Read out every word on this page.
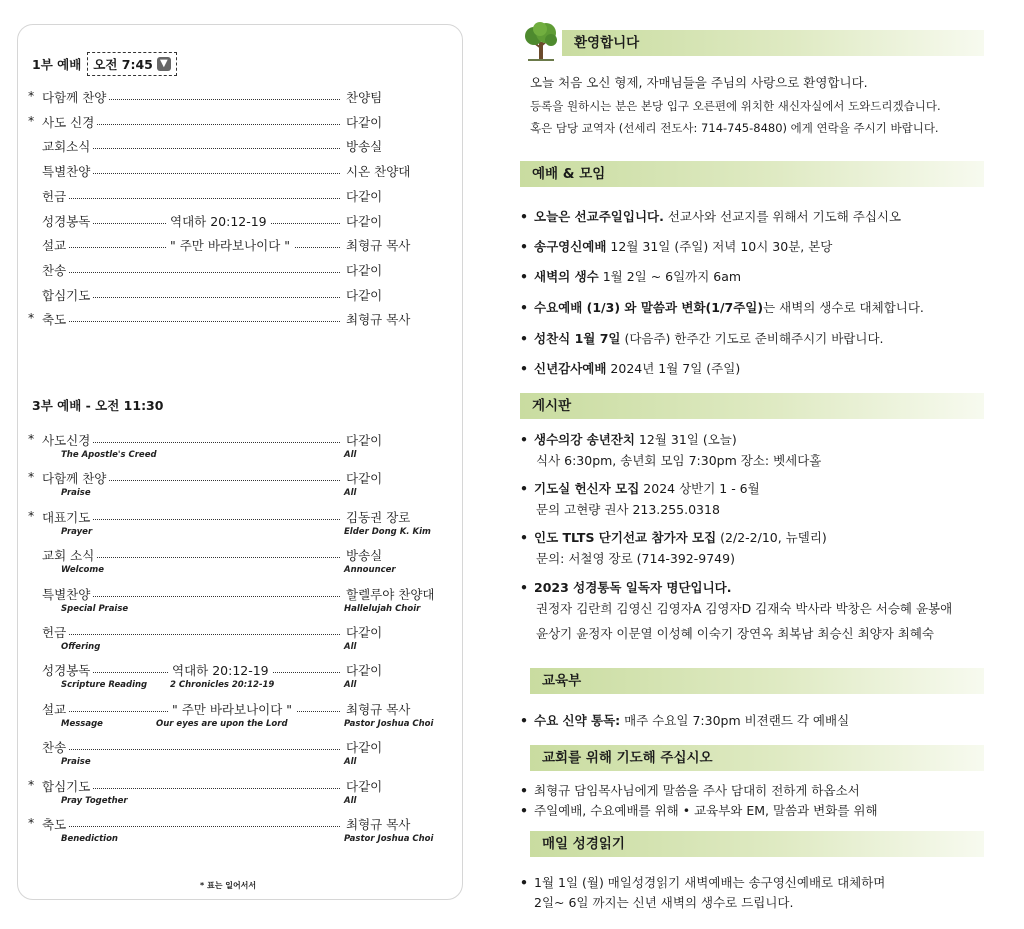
1부 예배 오전 7:45 ▼
* 다함께 찬양	찬양팀
* 사도 신경	다같이
교회소식	방송실
특별찬양	시온 찬양대
헌금	다같이
성경봉독	역대하 20:12-19	다같이
설교	" 주만 바라보나이다 "	최형규 목사
찬송	다같이
합심기도	다같이
* 축도	최형규 목사
3부 예배 - 오전 11:30
* 사도신경	다같이
The Apostle's Creed	All
* 다함께 찬양	다같이
Praise	All
* 대표기도	김동권 장로
Prayer	Elder Dong K. Kim
교회 소식	방송실
Welcome	Announcer
특별찬양	할렐루야 찬양대
Special Praise	Hallelujah Choir
헌금	다같이
Offering	All
성경봉독	역대하 20:12-19	다같이
Scripture Reading	2 Chronicles 20:12-19	All
설교	" 주만 바라보나이다 "	최형규 목사
Message	Our eyes are upon the Lord	Pastor Joshua Choi
찬송	다같이
Praise	All
* 합심기도	다같이
Pray Together	All
* 축도	최형규 목사
Benediction	Pastor Joshua Choi
* 표는 일어서서
환영합니다
오늘 처음 오신 형제, 자매님들을 주님의 사랑으로 환영합니다.
등록을 원하시는 분은 본당 입구 오른편에 위치한 새신자실에서 도와드리겠습니다.
혹은 담당 교역자 (선세리 전도사: 714-745-8480) 에게 연락을 주시기 바랍니다.
예배 & 모임
• 오늘은 선교주일입니다. 선교사와 선교지를 위해서 기도해 주십시오
• 송구영신예배 12월 31일 (주일) 저녁 10시 30분, 본당
• 새벽의 생수 1월 2일 ~ 6일까지 6am
• 수요예배 (1/3) 와 말씀과 변화(1/7주일)는 새벽의 생수로 대체합니다.
• 성찬식 1월 7일 (다음주) 한주간 기도로 준비해주시기 바랍니다.
• 신년감사예배 2024년 1월 7일 (주일)
게시판
• 생수의강 송년잔치 12월 31일 (오늘)
식사 6:30pm, 송년회 모임 7:30pm 장소: 벳세다홀
• 기도실 헌신자 모집 2024 상반기 1 - 6월
문의 고현량 권사 213.255.0318
• 인도 TLTS 단기선교 참가자 모집 (2/2-2/10, 뉴델리)
문의: 서철영 장로 (714-392-9749)
• 2023 성경통독 일독자 명단입니다.
권정자 김란희 김영신 김영자A 김영자D 김재숙 박사라 박창은 서승혜 윤봉애
윤상기 윤정자 이문열 이성혜 이숙기 장연옥 최복남 최승신 최양자 최혜숙
교육부
• 수요 신약 통독: 매주 수요일 7:30pm 비젼랜드 각 예배실
교회를 위해 기도해 주십시오
• 최형규 담임목사님에게 말씀을 주사 담대히 전하게 하옵소서
• 주일예배, 수요예배를 위해 • 교육부와 EM, 말씀과 변화를 위해
매일 성경읽기
• 1월 1일 (월) 매일성경읽기 새벽예배는 송구영신예배로 대체하며
2일~ 6일 까지는 신년 새벽의 생수로 드립니다.
